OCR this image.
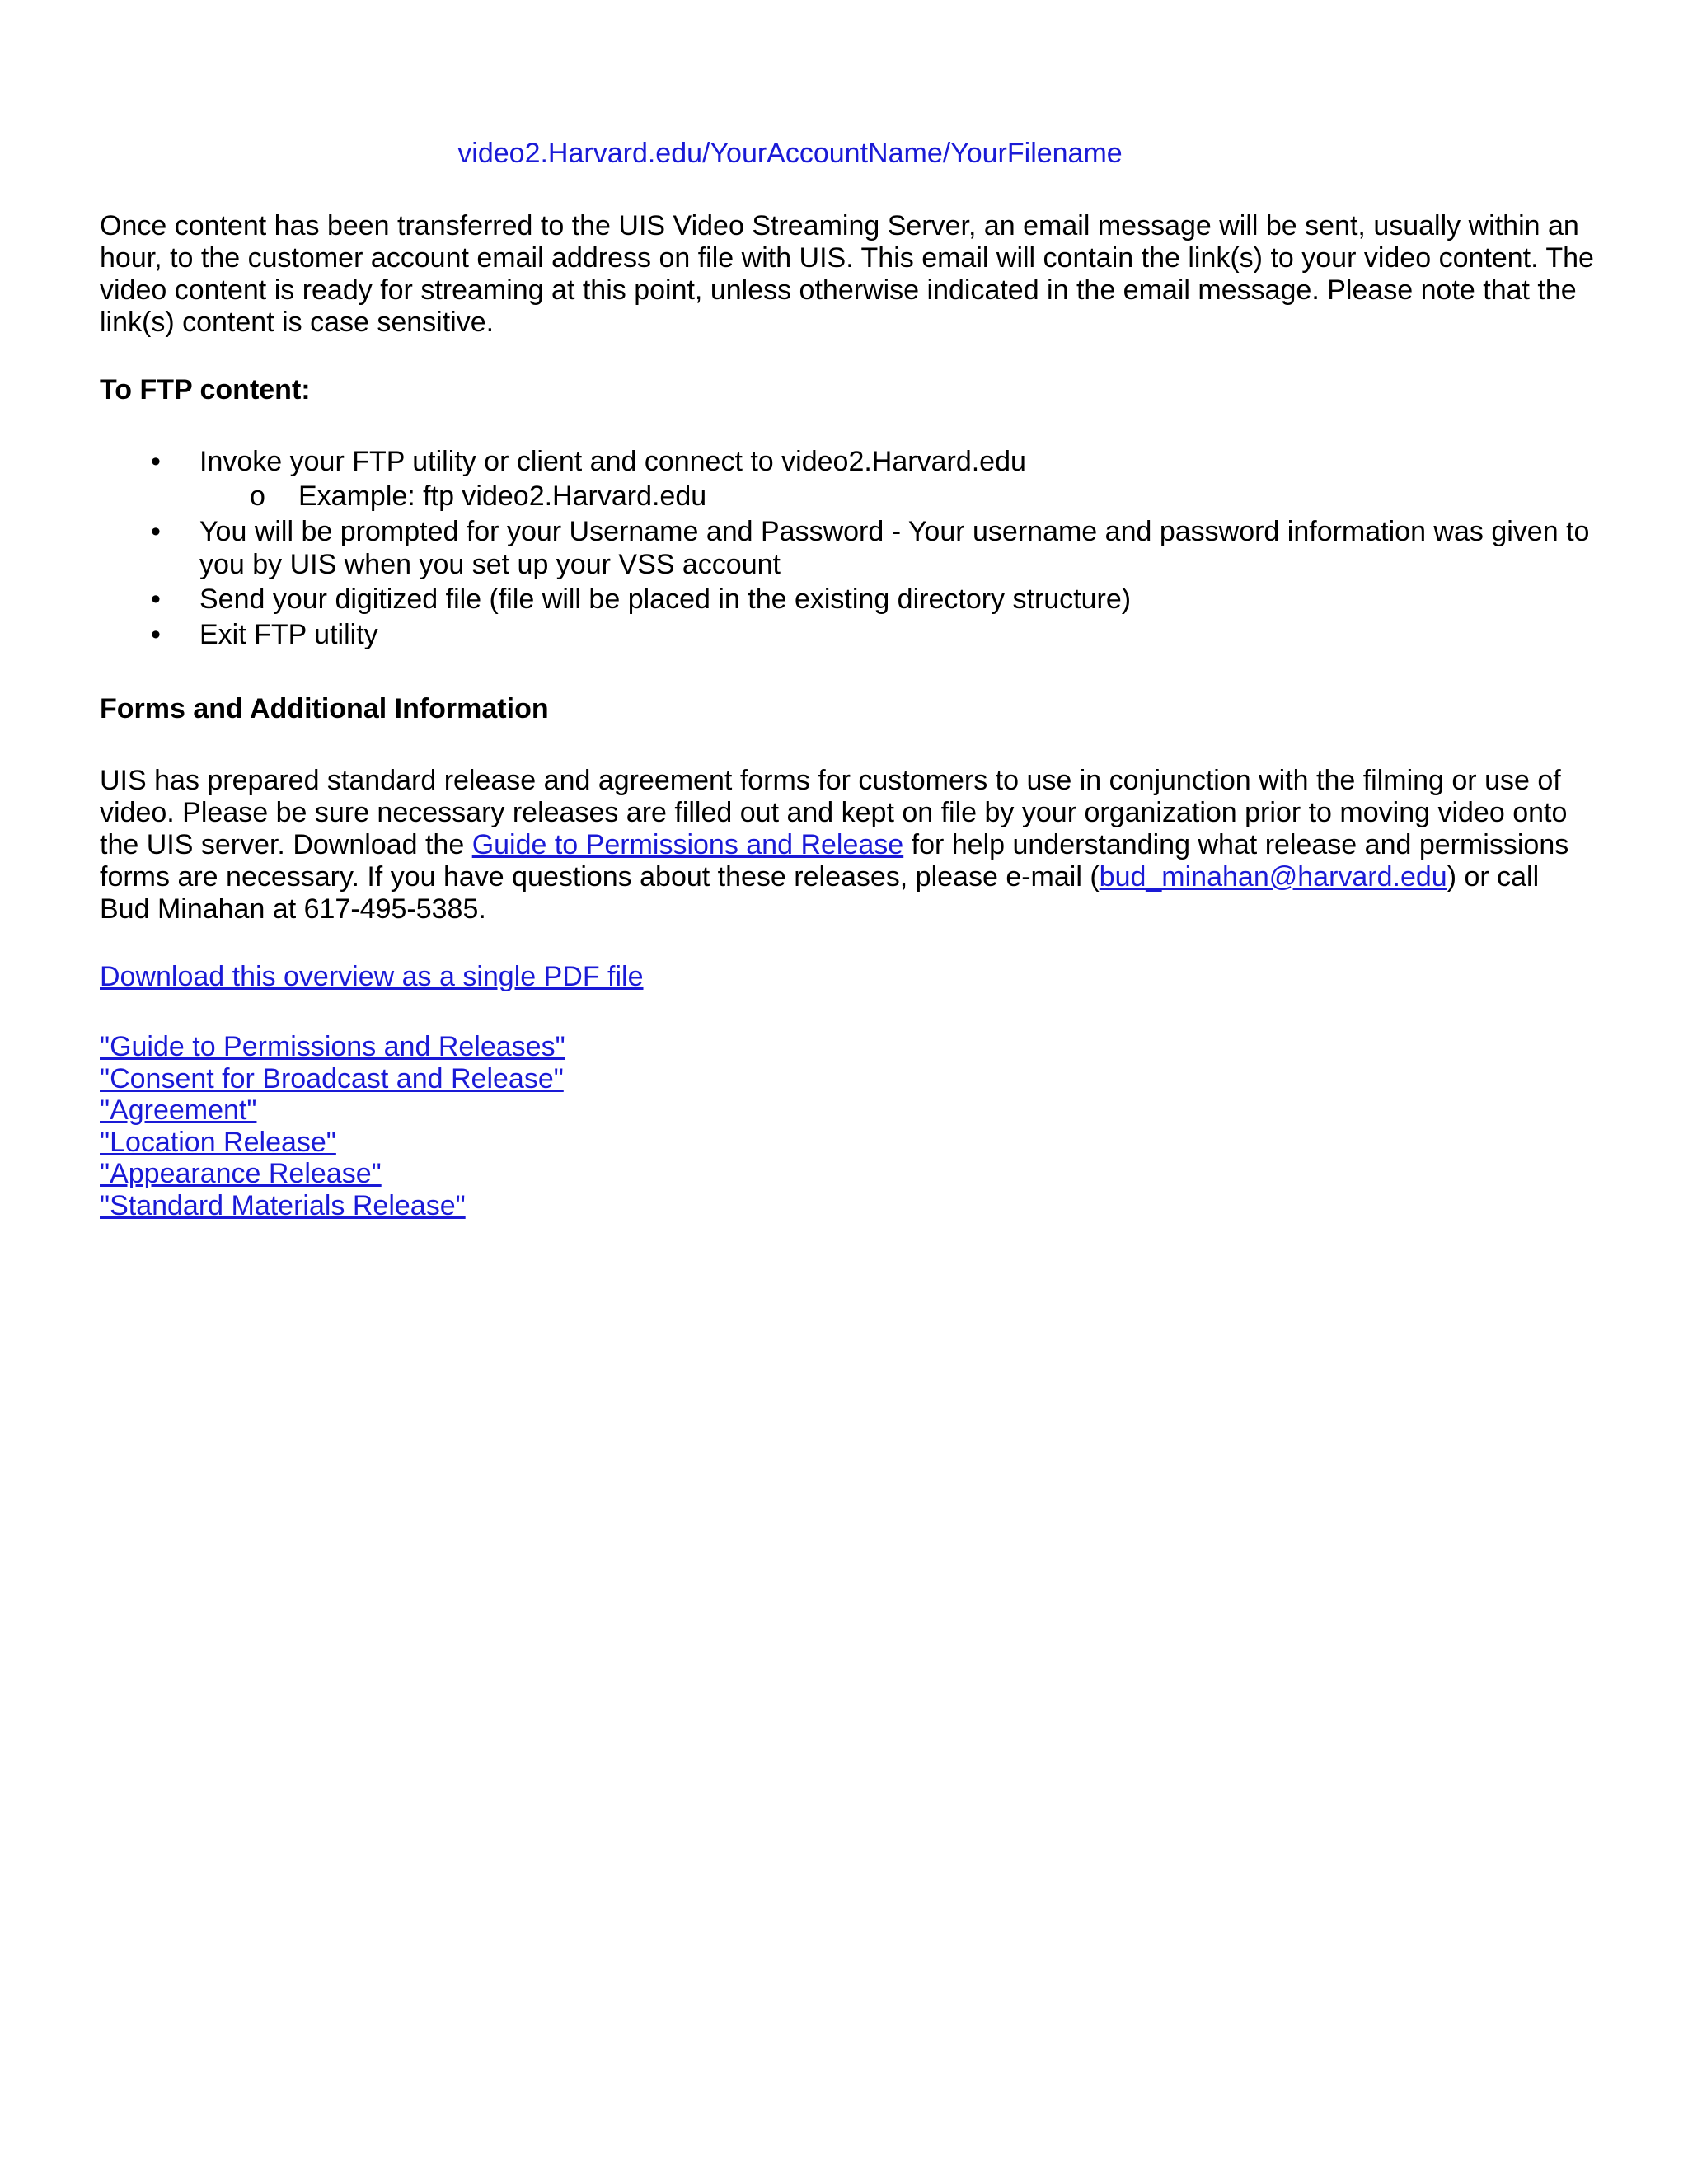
video2.Harvard.edu/YourAccountName/YourFilename

Once content has been transferred to the UIS Video Streaming Server, an email message will be sent, usually within an hour, to the customer account email address on file with UIS. This email will contain the link(s) to your video content. The video content is ready for streaming at this point, unless otherwise indicated in the email message. Please note that the link(s) content is case sensitive.

To FTP content:

• Invoke your FTP utility or client and connect to video2.Harvard.edu
o Example: ftp video2.Harvard.edu
• You will be prompted for your Username and Password - Your username and password information was given to you by UIS when you set up your VSS account
• Send your digitized file (file will be placed in the existing directory structure)
• Exit FTP utility

Forms and Additional Information

UIS has prepared standard release and agreement forms for customers to use in conjunction with the filming or use of video. Please be sure necessary releases are filled out and kept on file by your organization prior to moving video onto the UIS server. Download the Guide to Permissions and Release for help understanding what release and permissions forms are necessary. If you have questions about these releases, please e-mail (bud_minahan@harvard.edu) or call Bud Minahan at 617-495-5385.

Download this overview as a single PDF file
"Guide to Permissions and Releases"
"Consent for Broadcast and Release"
"Agreement"
"Location Release"
"Appearance Release"
"Standard Materials Release"
